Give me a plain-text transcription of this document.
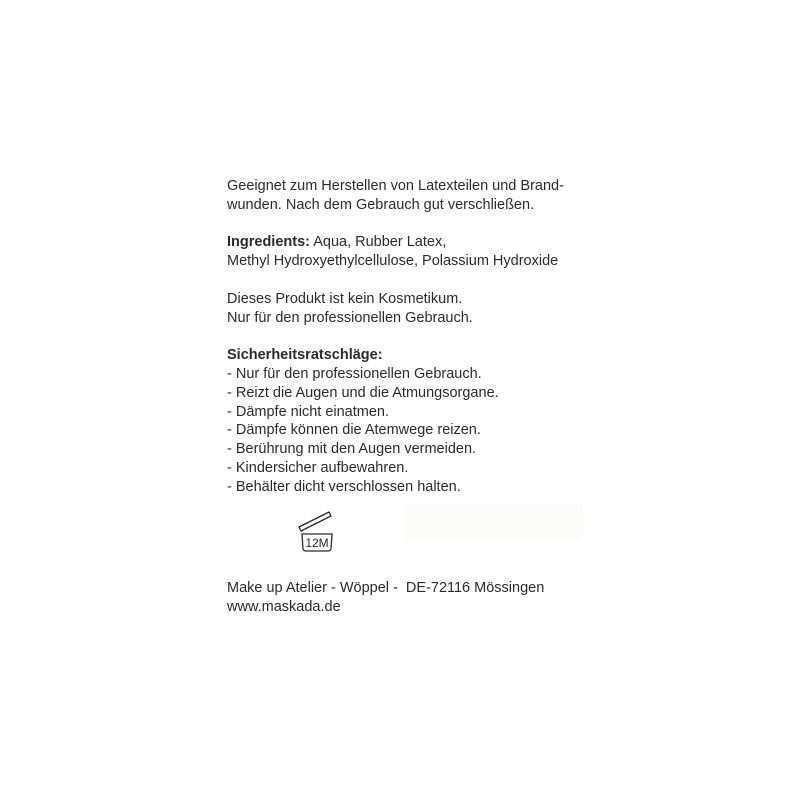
Geeignet zum Herstellen von Latexteilen und Brand-
wunden. Nach dem Gebrauch gut verschließen.

Ingredients: Aqua, Rubber Latex,
Methyl Hydroxyethylcellulose, Polassium Hydroxide

Dieses Produkt ist kein Kosmetikum.
Nur für den professionellen Gebrauch.

Sicherheitsratschläge:
- Nur für den professionellen Gebrauch.
- Reizt die Augen und die Atmungsorgane.
- Dämpfe nicht einatmen.
- Dämpfe können die Atemwege reizen.
- Berührung mit den Augen vermeiden.
- Kindersicher aufbewahren.
- Behälter dicht verschlossen halten.

12M
Make up Atelier - Wöppel -  DE-72116 Mössingen
www.maskada.de
